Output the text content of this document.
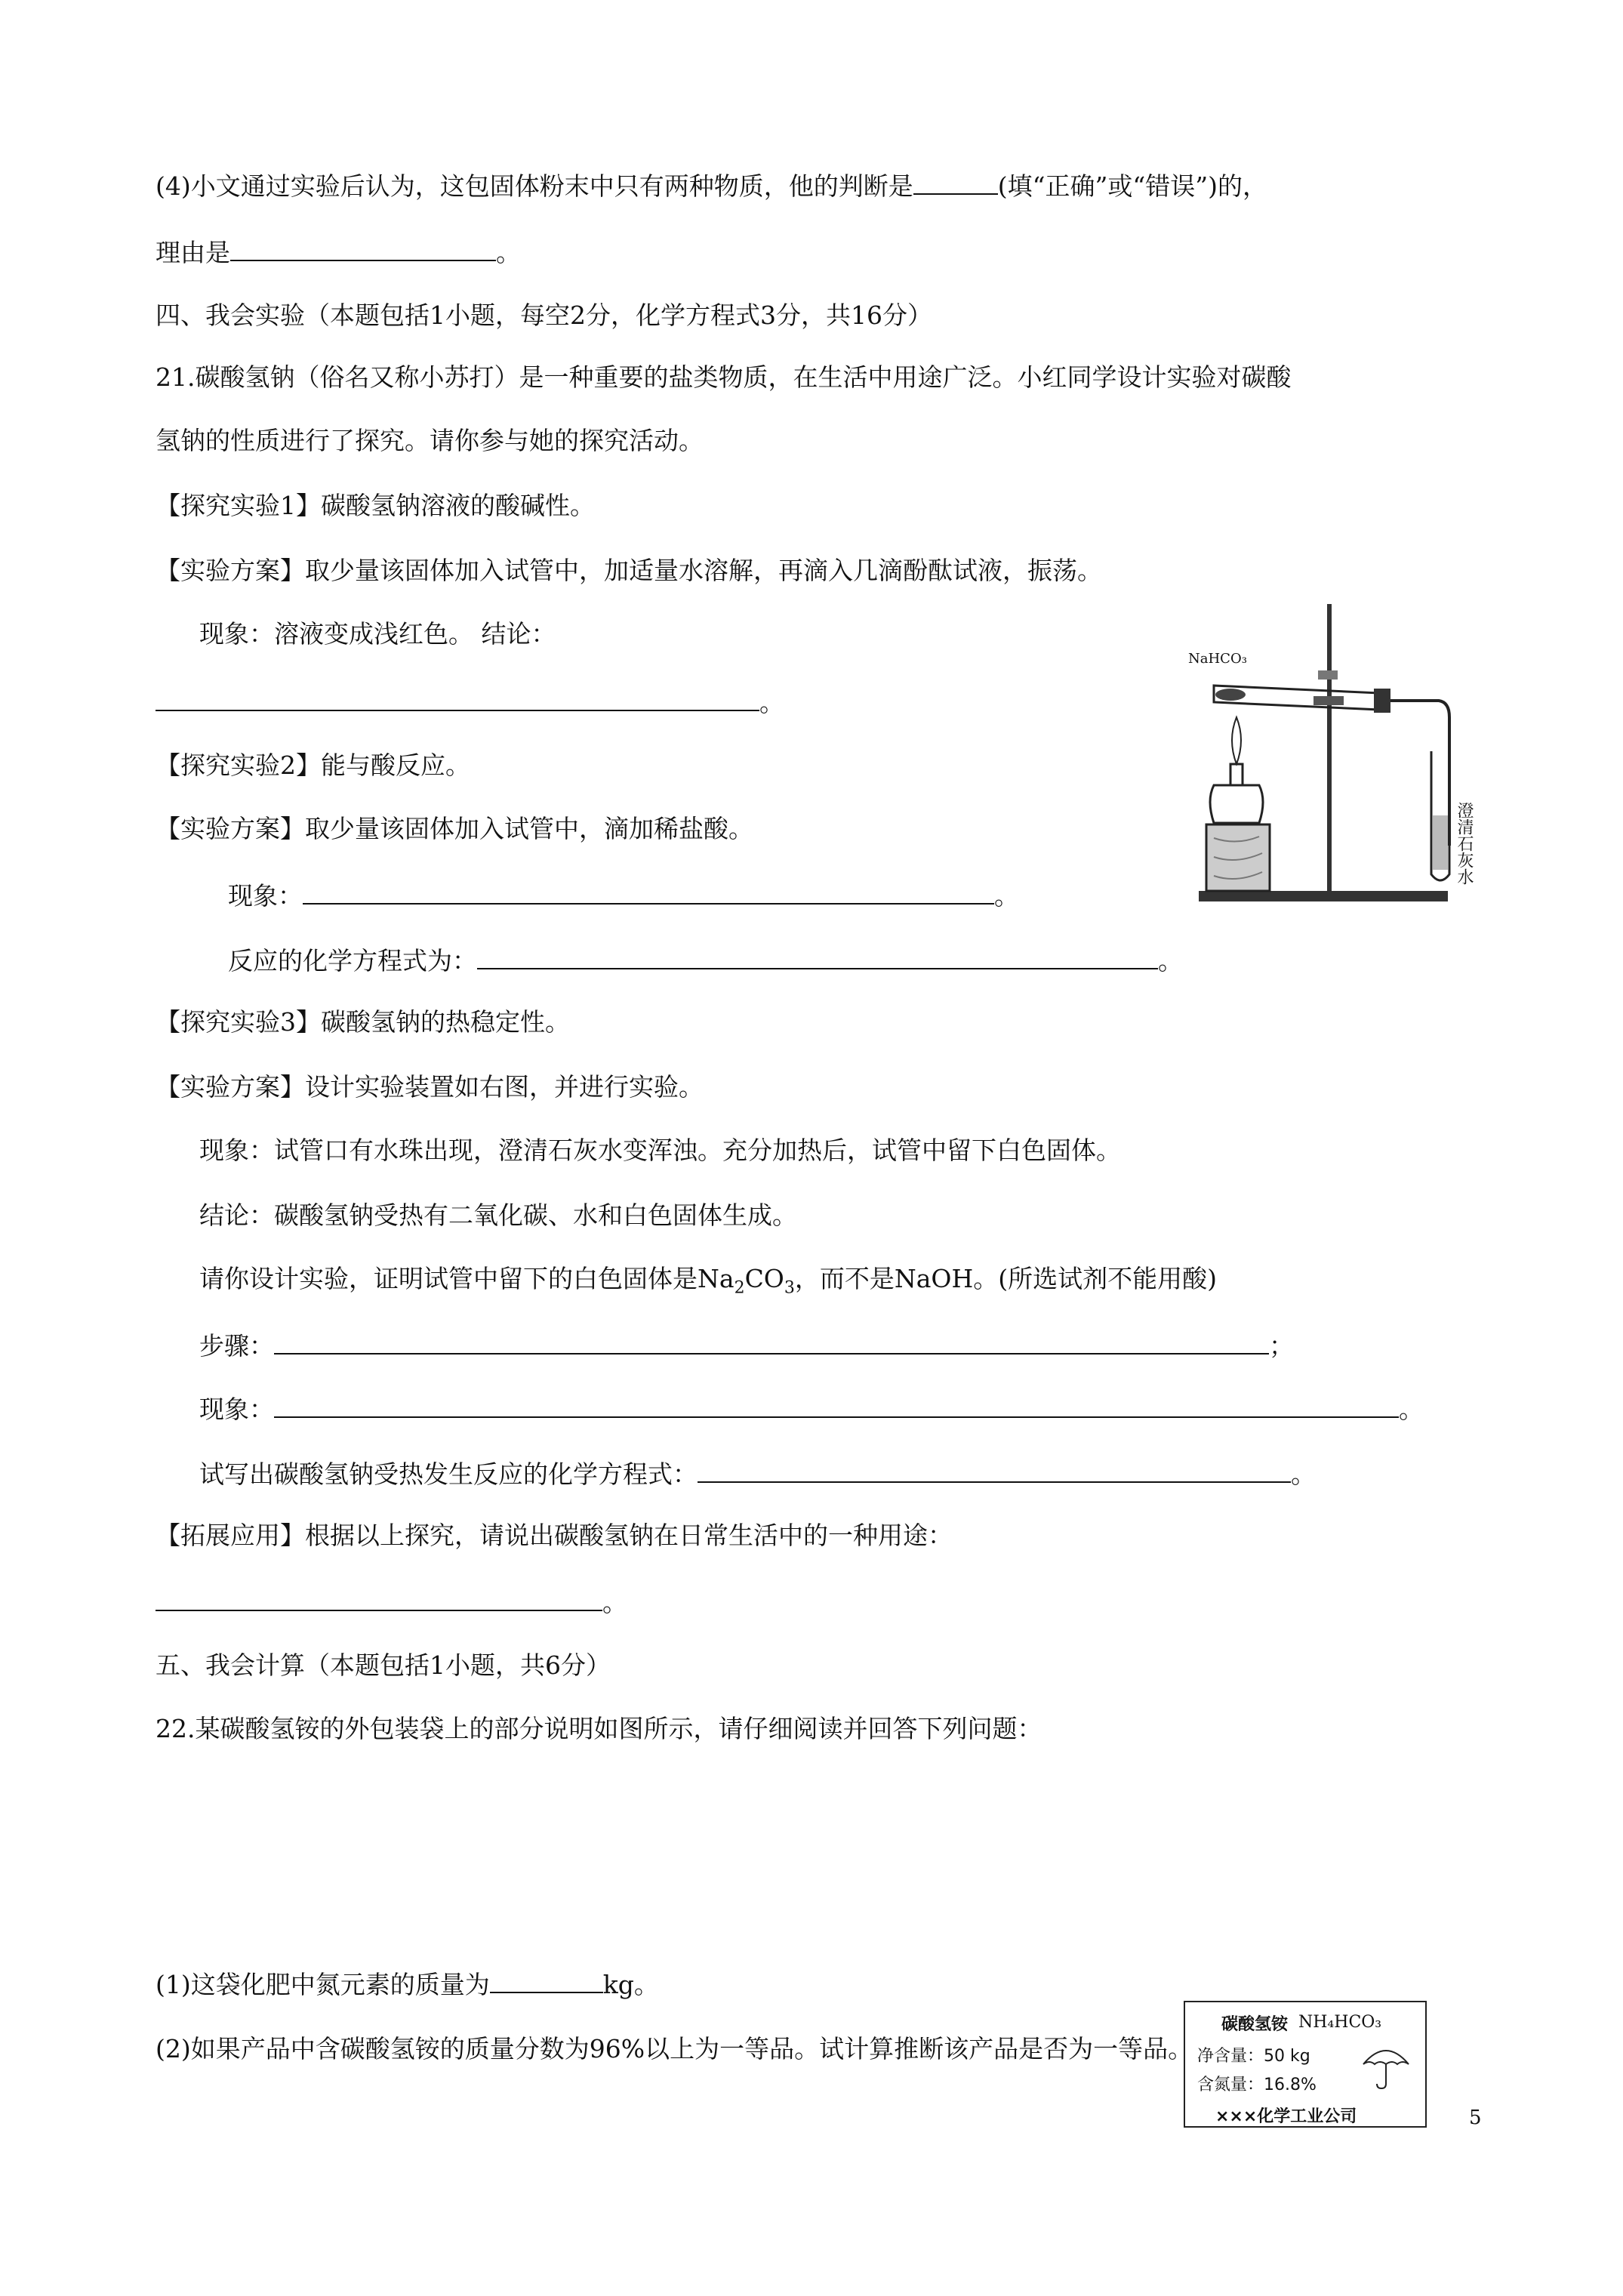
(4)小文通过实验后认为，这包固体粉末中只有两种物质，他的判断是	(填“正确”或“错误”)的，
理由是	。
四、我会实验（本题包括1小题，每空2分，化学方程式3分，共16分）
21.碳酸氢钠（俗名又称小苏打）是一种重要的盐类物质，在生活中用途广泛。小红同学设计实验对碳酸
氢钠的性质进行了探究。请你参与她的探究活动。
【探究实验1】碳酸氢钠溶液的酸碱性。
【实验方案】取少量该固体加入试管中，加适量水溶解，再滴入几滴酚酞试液，振荡。
现象：溶液变成浅红色。 结论：
。
【探究实验2】能与酸反应。
【实验方案】取少量该固体加入试管中，滴加稀盐酸。
现象：	。
反应的化学方程式为：	。
【探究实验3】碳酸氢钠的热稳定性。
【实验方案】设计实验装置如右图，并进行实验。
现象：试管口有水珠出现，澄清石灰水变浑浊。充分加热后，试管中留下白色固体。
结论：碳酸氢钠受热有二氧化碳、水和白色固体生成。
请你设计实验，证明试管中留下的白色固体是$Na_2CO_3$，而不是NaOH。(所选试剂不能用酸)
步骤：	；
现象：	。
试写出碳酸氢钠受热发生反应的化学方程式：	。
【拓展应用】根据以上探究，请说出碳酸氢钠在日常生活中的一种用途：
。
五、我会计算（本题包括1小题，共6分）
22.某碳酸氢铵的外包装袋上的部分说明如图所示，请仔细阅读并回答下列问题：
(1)这袋化肥中氮元素的质量为	kg。
(2)如果产品中含碳酸氢铵的质量分数为96%以上为一等品。试计算推断该产品是否为一等品。
NaHCO₃
澄清石灰水
碳酸氢铵 NH₄HCO₃
净含量：50 kg
含氮量：16.8%
×××化学工业公司	5
